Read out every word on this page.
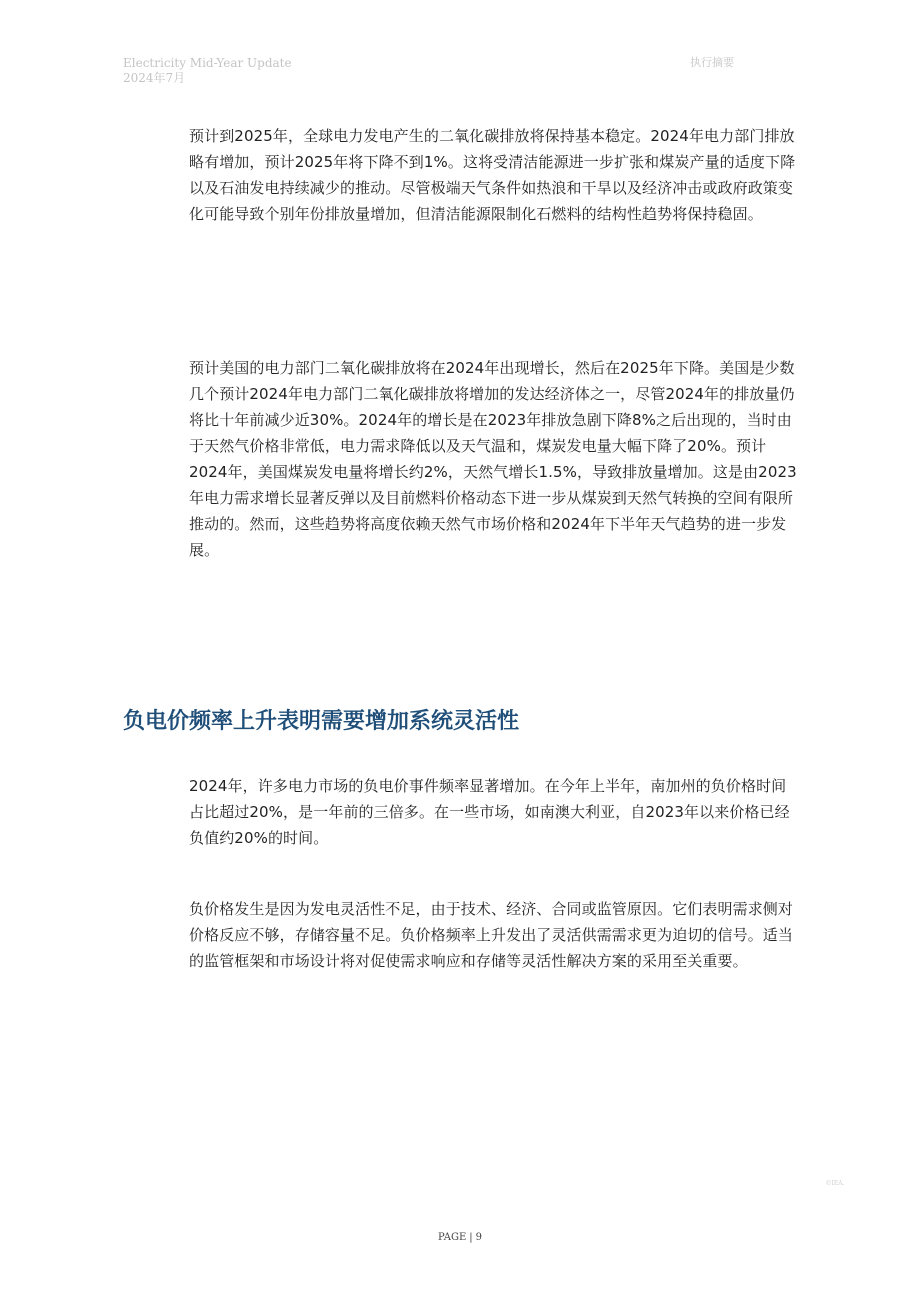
Electricity Mid-Year Update
2024年7月
执行摘要

预计到2025年，全球电力发电产生的二氧化碳排放将保持基本稳定。2024年电力部门排放略有增加，预计2025年将下降不到1%。这将受清洁能源进一步扩张和煤炭产量的适度下降以及石油发电持续减少的推动。尽管极端天气条件如热浪和干旱以及经济冲击或政府政策变化可能导致个别年份排放量增加，但清洁能源限制化石燃料的结构性趋势将保持稳固。

预计美国的电力部门二氧化碳排放将在2024年出现增长，然后在2025年下降。美国是少数几个预计2024年电力部门二氧化碳排放将增加的发达经济体之一，尽管2024年的排放量仍将比十年前减少近30%。2024年的增长是在2023年排放急剧下降8%之后出现的，当时由于天然气价格非常低，电力需求降低以及天气温和，煤炭发电量大幅下降了20%。预计2024年，美国煤炭发电量将增长约2%，天然气增长1.5%，导致排放量增加。这是由2023年电力需求增长显著反弹以及目前燃料价格动态下进一步从煤炭到天然气转换的空间有限所推动的。然而，这些趋势将高度依赖天然气市场价格和2024年下半年天气趋势的进一步发展。

负电价频率上升表明需要增加系统灵活性

2024年，许多电力市场的负电价事件频率显著增加。在今年上半年，南加州的负价格时间占比超过20%，是一年前的三倍多。在一些市场，如南澳大利亚，自2023年以来价格已经负值约20%的时间。

负价格发生是因为发电灵活性不足，由于技术、经济、合同或监管原因。它们表明需求侧对价格反应不够，存储容量不足。负价格频率上升发出了灵活供需需求更为迫切的信号。适当的监管框架和市场设计将对促使需求响应和存储等灵活性解决方案的采用至关重要。

PAGE | 9
©IEA.
